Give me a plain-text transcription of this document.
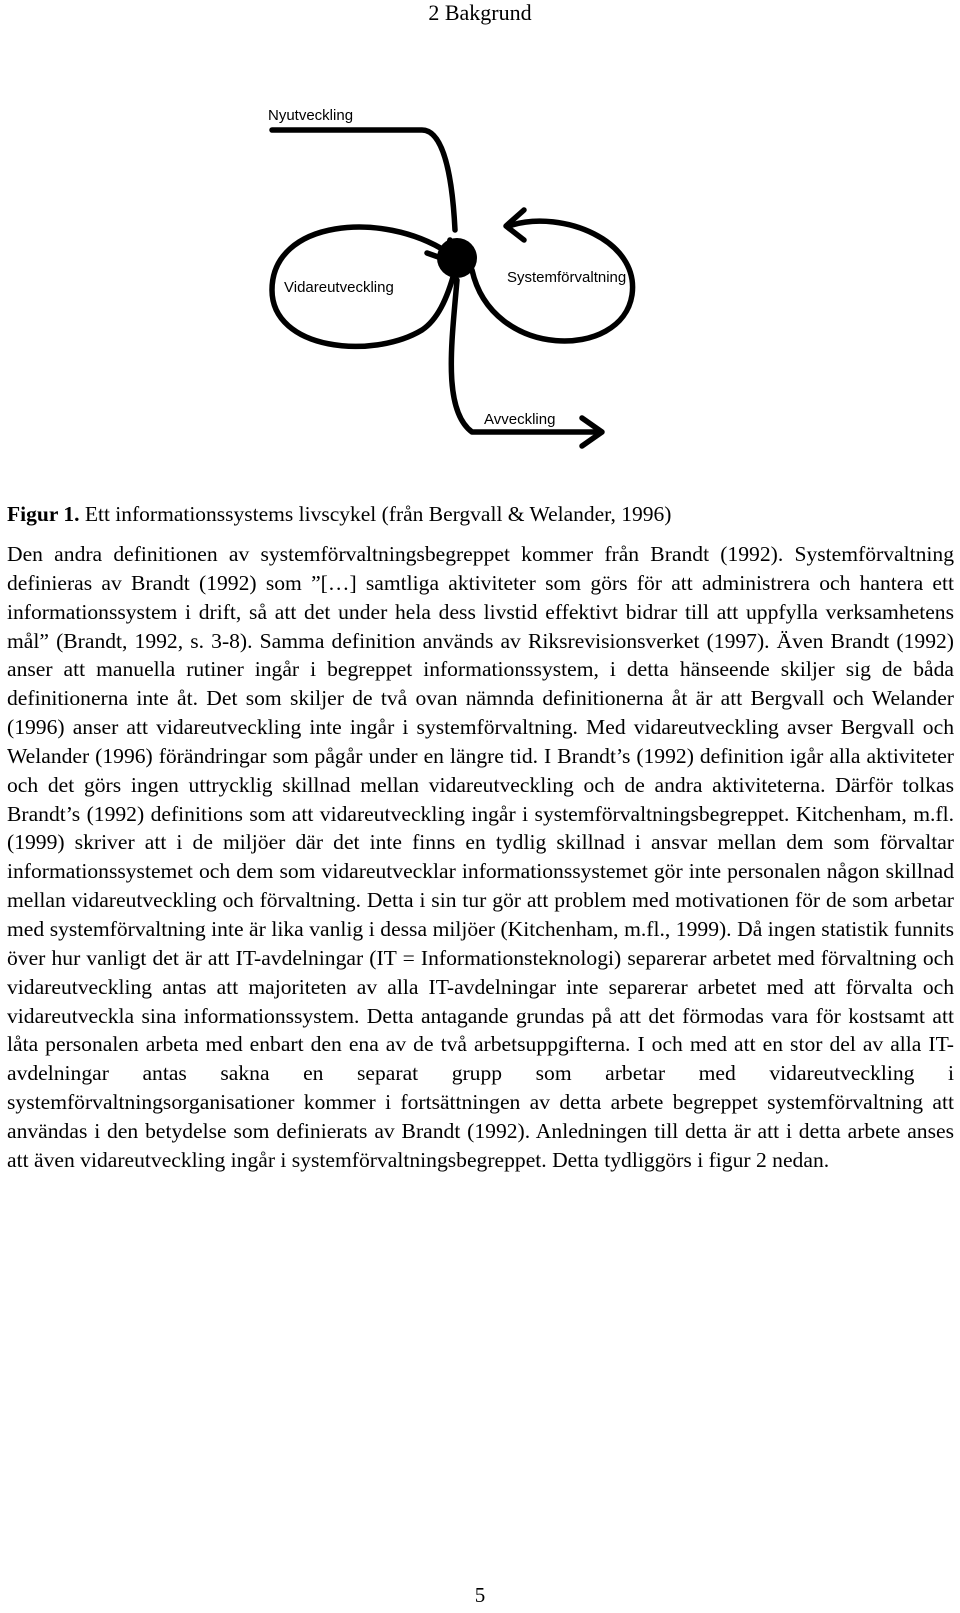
2 Bakgrund
Nyutveckling
Vidareutveckling
Systemförvaltning
Avveckling
Figur 1. Ett informationssystems livscykel (från Bergvall & Welander, 1996)

Den andra definitionen av systemförvaltningsbegreppet kommer från Brandt (1992). Systemförvaltning definieras av Brandt (1992) som ”[…] samtliga aktiviteter som görs för att administrera och hantera ett informationssystem i drift, så att det under hela dess livstid effektivt bidrar till att uppfylla verksamhetens mål” (Brandt, 1992, s. 3-8). Samma definition används av Riksrevisionsverket (1997). Även Brandt (1992) anser att manuella rutiner ingår i begreppet informationssystem, i detta hänseende skiljer sig de båda definitionerna inte åt. Det som skiljer de två ovan nämnda definitionerna åt är att Bergvall och Welander (1996) anser att vidareutveckling inte ingår i systemförvaltning. Med vidareutveckling avser Bergvall och Welander (1996) förändringar som pågår under en längre tid. I Brandt’s (1992) definition igår alla aktiviteter och det görs ingen uttrycklig skillnad mellan vidareutveckling och de andra aktiviteterna. Därför tolkas Brandt’s (1992) definitions som att vidareutveckling ingår i systemförvaltningsbegreppet. Kitchenham, m.fl. (1999) skriver att i de miljöer där det inte finns en tydlig skillnad i ansvar mellan dem som förvaltar informationssystemet och dem som vidareutvecklar informationssystemet gör inte personalen någon skillnad mellan vidareutveckling och förvaltning. Detta i sin tur gör att problem med motivationen för de som arbetar med systemförvaltning inte är lika vanlig i dessa miljöer (Kitchenham, m.fl., 1999). Då ingen statistik funnits över hur vanligt det är att IT-avdelningar (IT = Informationsteknologi) separerar arbetet med förvaltning och vidareutveckling antas att majoriteten av alla IT-avdelningar inte separerar arbetet med att förvalta och vidareutveckla sina informationssystem. Detta antagande grundas på att det förmodas vara för kostsamt att låta personalen arbeta med enbart den ena av de två arbetsuppgifterna. I och med att en stor del av alla IT-avdelningar antas sakna en separat grupp som arbetar med vidareutveckling i systemförvaltningsorganisationer kommer i fortsättningen av detta arbete begreppet systemförvaltning att användas i den betydelse som definierats av Brandt (1992). Anledningen till detta är att i detta arbete anses att även vidareutveckling ingår i systemförvaltningsbegreppet. Detta tydliggörs i figur 2 nedan.

5
